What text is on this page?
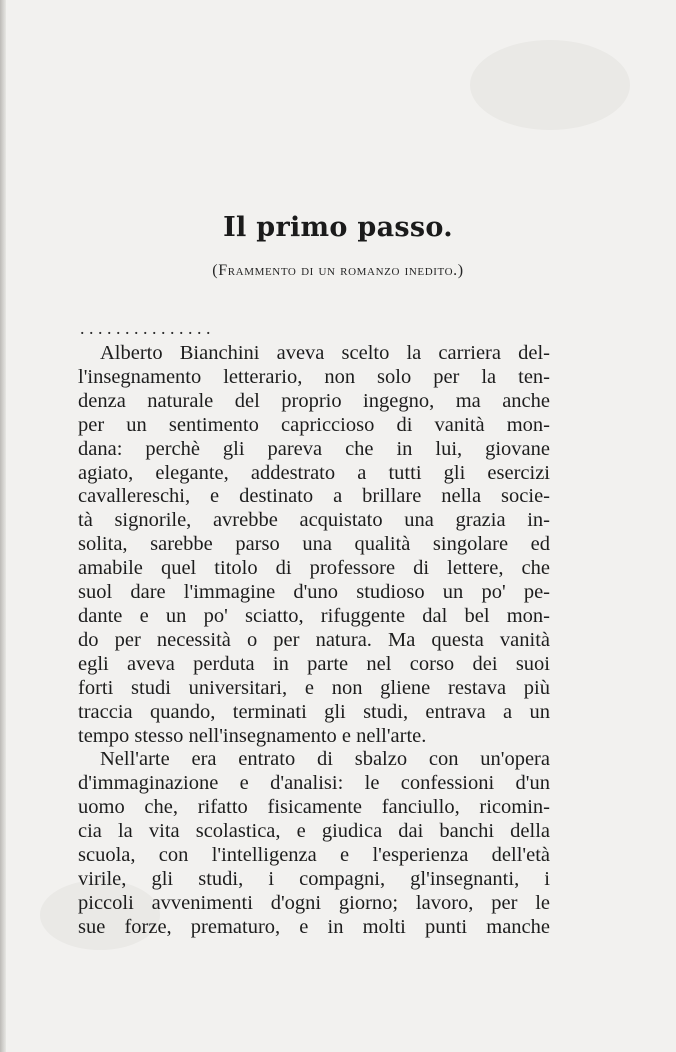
Il primo passo.

(Frammento di un romanzo inedito.)

. . . . . . . . . . . . . . .

Alberto Bianchini aveva scelto la carriera del-
l'insegnamento letterario, non solo per la ten-
denza naturale del proprio ingegno, ma anche
per un sentimento capriccioso di vanità mon-
dana: perchè gli pareva che in lui, giovane
agiato, elegante, addestrato a tutti gli esercizi
cavallereschi, e destinato a brillare nella socie-
tà signorile, avrebbe acquistato una grazia in-
solita, sarebbe parso una qualità singolare ed
amabile quel titolo di professore di lettere, che
suol dare l'immagine d'uno studioso un po' pe-
dante e un po' sciatto, rifuggente dal bel mon-
do per necessità o per natura. Ma questa vanità
egli aveva perduta in parte nel corso dei suoi
forti studi universitari, e non gliene restava più
traccia quando, terminati gli studi, entrava a un
tempo stesso nell'insegnamento e nell'arte.
Nell'arte era entrato di sbalzo con un'opera
d'immaginazione e d'analisi: le confessioni d'un
uomo che, rifatto fisicamente fanciullo, ricomin-
cia la vita scolastica, e giudica dai banchi della
scuola, con l'intelligenza e l'esperienza dell'età
virile, gli studi, i compagni, gl'insegnanti, i
piccoli avvenimenti d'ogni giorno; lavoro, per le
sue forze, prematuro, e in molti punti manche
